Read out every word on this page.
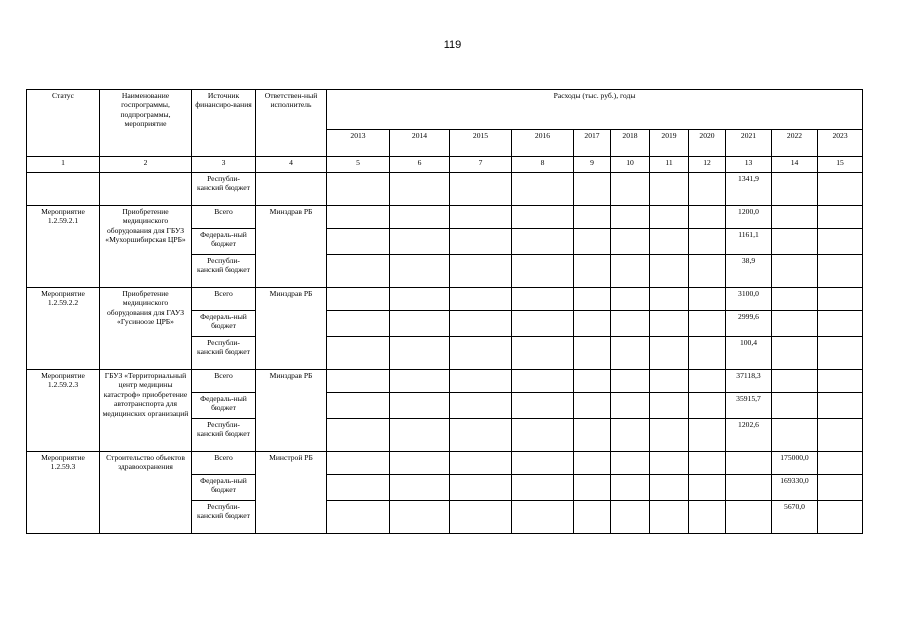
119
Статус	Наименование госпрограммы, подпрограммы, мероприятие	Источник финансиро-вания	Ответствен-ный исполнитель	Расходы (тыс. руб.), годы										
				2013	2014	2015	2016	2017	2018	2019	2020	2021	2022	2023
1	2	3	4	5	6	7	8	9	10	11	12	13	14	15
		Республи-канский бюджет										1341,9		
Мероприятие 1.2.59.2.1	Приобретение медицинского оборудования для ГБУЗ «Мухоршибирская ЦРБ»	Всего	Минздрав РБ									1200,0		
		Федераль-ный бюджет										1161,1		
		Республи-канский бюджет										38,9		
Мероприятие 1.2.59.2.2	Приобретение медицинского оборудования для ГАУЗ «Гусиноозе ЦРБ»	Всего	Минздрав РБ									3100,0		
		Федераль-ный бюджет										2999,6		
		Республи-канский бюджет										100,4		
Мероприятие 1.2.59.2.3	ГБУЗ «Территориальный центр медицины катастроф» приобретение автотранспорта для медицинских организаций	Всего	Минздрав РБ									37118,3		
		Федераль-ный бюджет										35915,7		
		Республи-канский бюджет										1202,6		
Мероприятие 1.2.59.3	Строительство объектов здравоохранения	Всего	Минстрой РБ										175000,0	
		Федераль-ный бюджет											169330,0	
		Республи-канский бюджет											5670,0	
